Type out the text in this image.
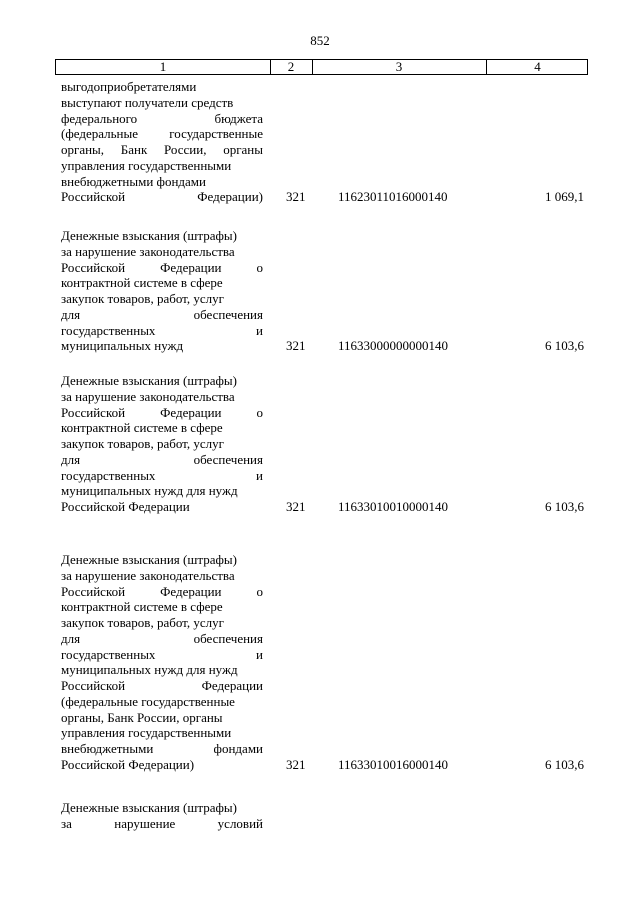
852
1	2	3	4
выгодоприобретателями
выступают получатели средств
федерального бюджета
(федеральные государственные
органы, Банк России, органы
управления государственными
внебюджетными фондами
Российской Федерации) 321	11623011016000140	1 069,1
Денежные взыскания (штрафы)
за нарушение законодательства
Российской Федерации о
контрактной системе в сфере
закупок товаров, работ, услуг
для обеспечения
государственных и
муниципальных нужд	321	11633000000000140	6 103,6
Денежные взыскания (штрафы)
за нарушение законодательства
Российской Федерации о
контрактной системе в сфере
закупок товаров, работ, услуг
для обеспечения
государственных и
муниципальных нужд для нужд
Российской Федерации	321	11633010010000140	6 103,6
Денежные взыскания (штрафы)
за нарушение законодательства
Российской Федерации о
контрактной системе в сфере
закупок товаров, работ, услуг
для обеспечения
государственных и
муниципальных нужд для нужд
Российской Федерации
(федеральные государственные
органы, Банк России, органы
управления государственными
внебюджетными фондами
Российской Федерации)	321	11633010016000140	6 103,6
Денежные взыскания (штрафы)
за нарушение условий
